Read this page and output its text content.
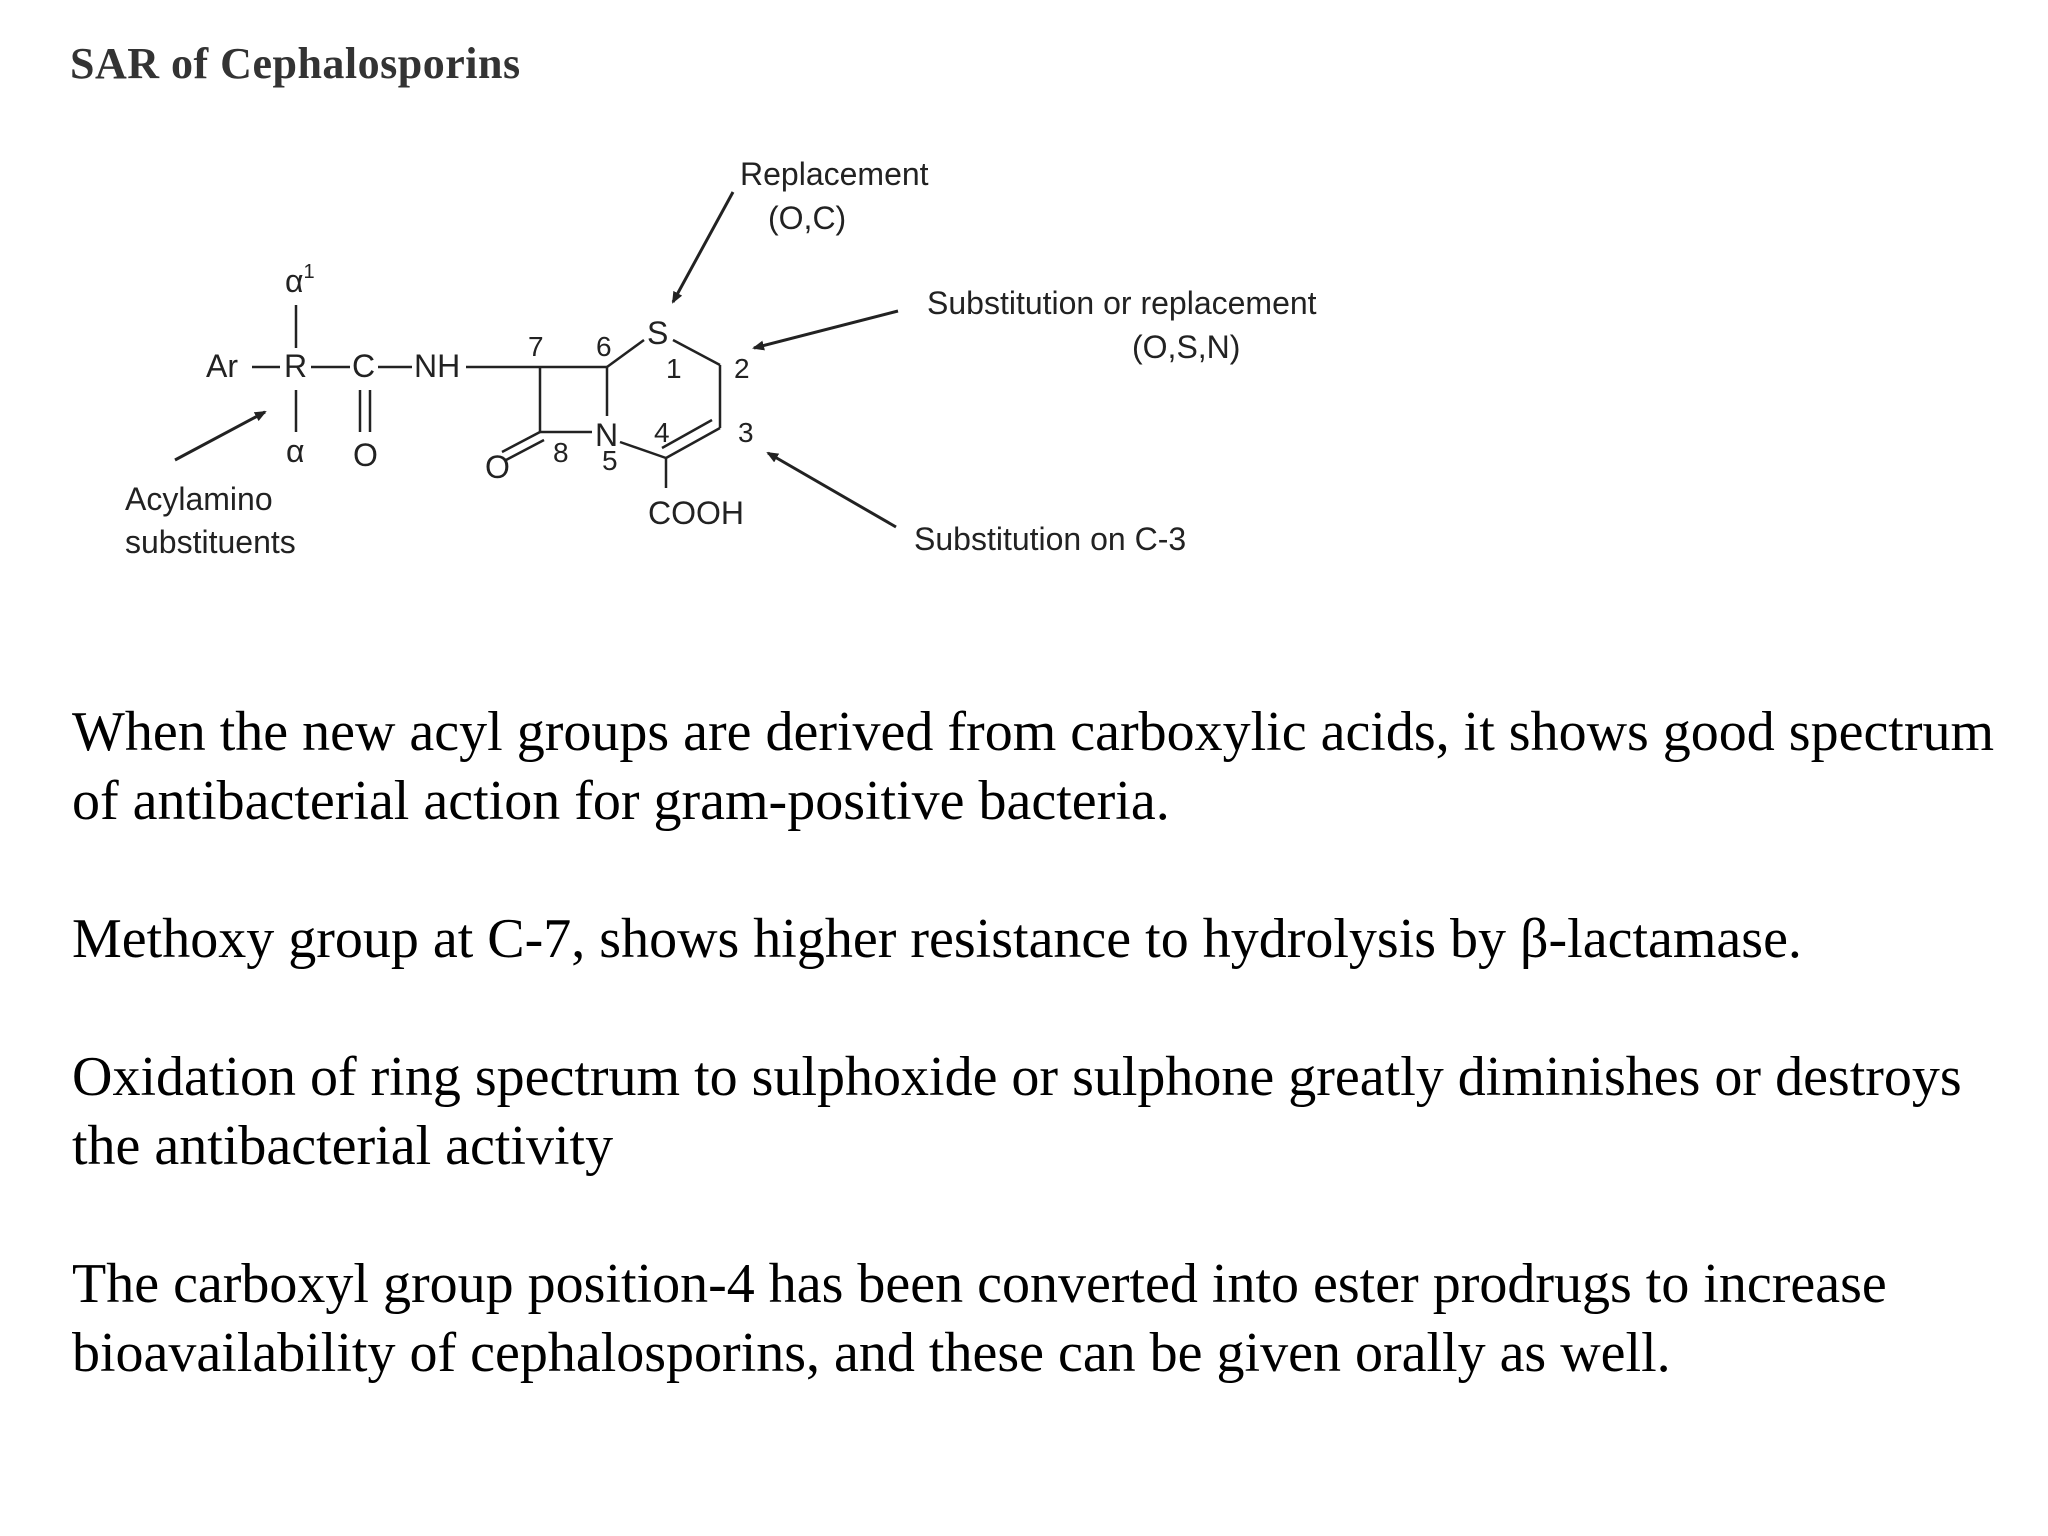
SAR of Cephalosporins
Replacement
(O,C)
Substitution or replacement
(O,S,N)
Substitution on C-3
Acylamino
substituents
$\alpha^1$
Ar R C NH
α O	O
N
S
COOH
7 6
1 2
3
4
5
8

When the new acyl groups are derived from carboxylic acids, it shows good spectrum of antibacterial action for gram-positive bacteria.

Methoxy group at C-7, shows higher resistance to hydrolysis by β-lactamase.

Oxidation of ring spectrum to sulphoxide or sulphone greatly diminishes or destroys the antibacterial activity

The carboxyl group position-4 has been converted into ester prodrugs to increase bioavailability of cephalosporins, and these can be given orally as well.
